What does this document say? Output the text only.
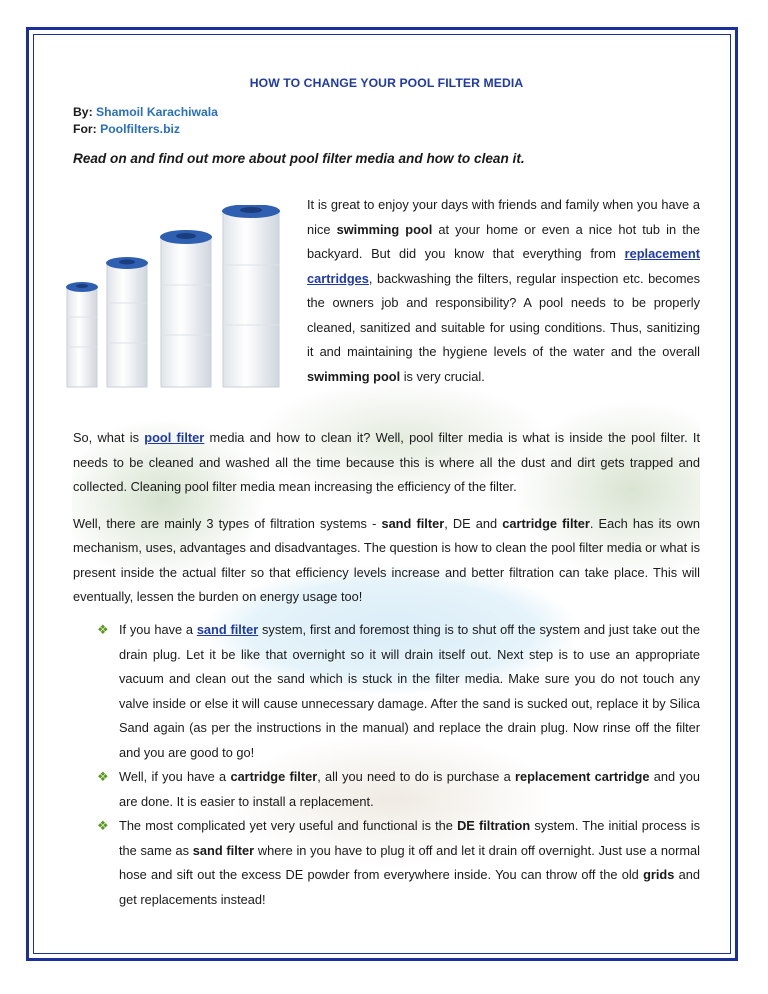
HOW TO CHANGE YOUR POOL FILTER MEDIA
By: Shamoil Karachiwala
For: Poolfilters.biz
Read on and find out more about pool filter media and how to clean it.

It is great to enjoy your days with friends and family when you have a nice swimming pool at your home or even a nice hot tub in the backyard. But did you know that everything from replacement cartridges, backwashing the filters, regular inspection etc. becomes the owners job and responsibility? A pool needs to be properly cleaned, sanitized and suitable for using conditions. Thus, sanitizing it and maintaining the hygiene levels of the water and the overall swimming pool is very crucial.

So, what is pool filter media and how to clean it? Well, pool filter media is what is inside the pool filter. It needs to be cleaned and washed all the time because this is where all the dust and dirt gets trapped and collected. Cleaning pool filter media mean increasing the efficiency of the filter.

Well, there are mainly 3 types of filtration systems - sand filter, DE and cartridge filter. Each has its own mechanism, uses, advantages and disadvantages. The question is how to clean the pool filter media or what is present inside the actual filter so that efficiency levels increase and better filtration can take place. This will eventually, lessen the burden on energy usage too!

❖ If you have a sand filter system, first and foremost thing is to shut off the system and just take out the drain plug. Let it be like that overnight so it will drain itself out. Next step is to use an appropriate vacuum and clean out the sand which is stuck in the filter media. Make sure you do not touch any valve inside or else it will cause unnecessary damage. After the sand is sucked out, replace it by Silica Sand again (as per the instructions in the manual) and replace the drain plug. Now rinse off the filter and you are good to go!
❖ Well, if you have a cartridge filter, all you need to do is purchase a replacement cartridge and you are done. It is easier to install a replacement.
❖ The most complicated yet very useful and functional is the DE filtration system. The initial process is the same as sand filter where in you have to plug it off and let it drain off overnight. Just use a normal hose and sift out the excess DE powder from everywhere inside. You can throw off the old grids and get replacements instead!
